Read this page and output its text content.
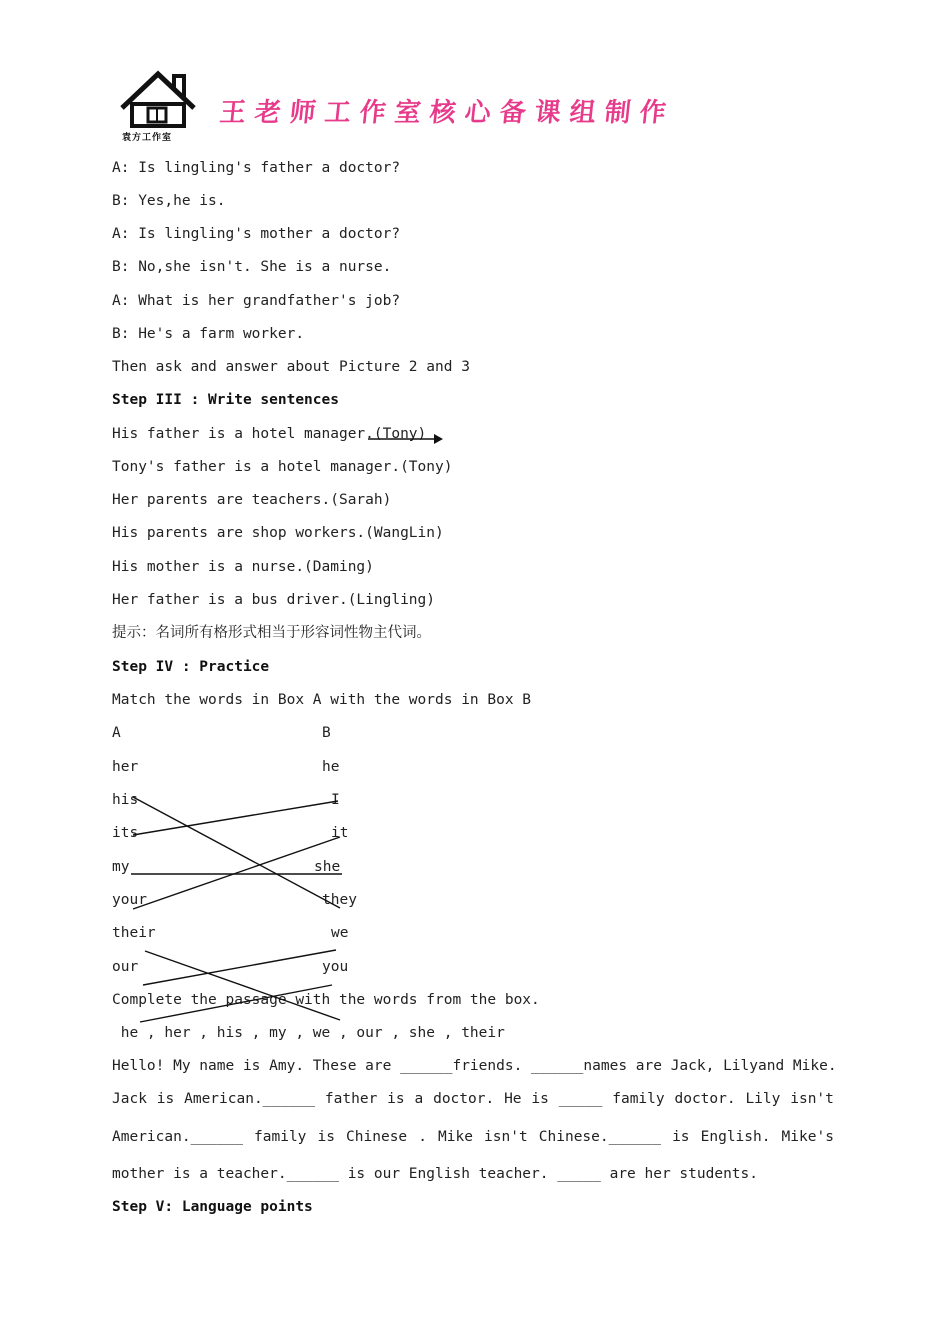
袁方工作室
王老师工作室核心备课组制作
A: Is lingling's father a doctor?
B: Yes,he is.
A: Is lingling's mother a doctor?
B: No,she isn't. She is a nurse.
A: What is her grandfather's job?
B: He's a farm worker.
Then ask and answer about Picture 2 and 3
Step III : Write sentences
His father is a hotel manager.(Tony)
Tony's father is a hotel manager.(Tony)
Her parents are teachers.(Sarah)
His parents are shop workers.(WangLin)
His mother is a nurse.(Daming)
Her father is a bus driver.(Lingling)
提示：名词所有格形式相当于形容词性物主代词。
Step IV : Practice
Match the words in Box A with the words in Box B
A	B
her
his
its
my
your
their
our
he
I
it
she
they
we
you
Complete the passage with the words from the box.
he , her , his , my , we , our , she , their
Hello! My name is Amy. These are ______friends. ______names are Jack, Lilyand Mike.
Jack is American.______ father is a doctor. He is _____ family doctor. Lily isn't
American.______ family is Chinese . Mike isn't Chinese.______ is English. Mike's
mother is a teacher.______ is our English teacher. _____ are her students.
Step V: Language points
